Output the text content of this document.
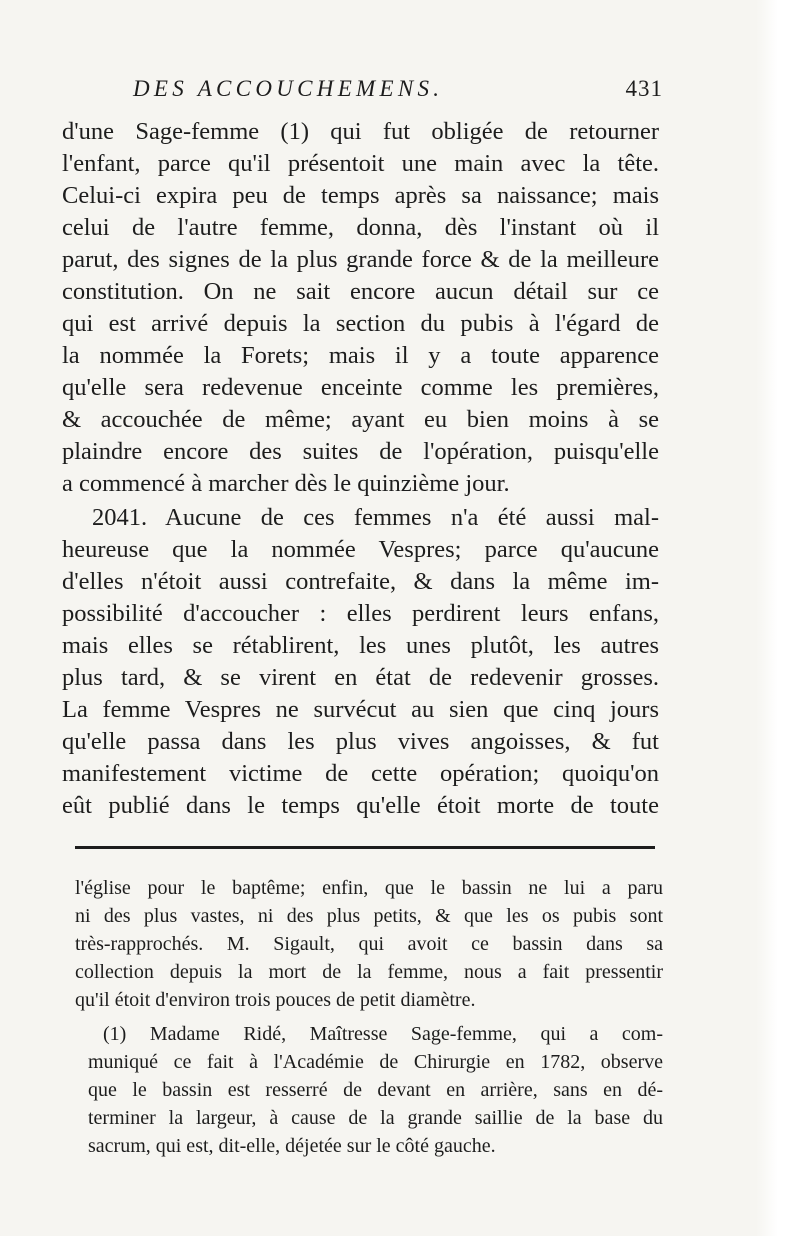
DES ACCOUCHEMENS.	431
d'une Sage-femme (1) qui fut obligée de retourner
l'enfant, parce qu'il présentoit une main avec la tête.
Celui-ci expira peu de temps après sa naissance; mais
celui de l'autre femme, donna, dès l'instant où il
parut, des signes de la plus grande force & de la meilleure
constitution. On ne sait encore aucun détail sur ce
qui est arrivé depuis la section du pubis à l'égard de
la nommée la Forets; mais il y a toute apparence
qu'elle sera redevenue enceinte comme les premières,
& accouchée de même; ayant eu bien moins à se
plaindre encore des suites de l'opération, puisqu'elle
a commencé à marcher dès le quinzième jour.
2041. Aucune de ces femmes n'a été aussi mal-
heureuse que la nommée Vespres; parce qu'aucune
d'elles n'étoit aussi contrefaite, & dans la même im-
possibilité d'accoucher : elles perdirent leurs enfans,
mais elles se rétablirent, les unes plutôt, les autres
plus tard, & se virent en état de redevenir grosses.
La femme Vespres ne survécut au sien que cinq jours
qu'elle passa dans les plus vives angoisses, & fut
manifestement victime de cette opération; quoiqu'on
eût publié dans le temps qu'elle étoit morte de toute
l'église pour le baptême; enfin, que le bassin ne lui a paru
ni des plus vastes, ni des plus petits, & que les os pubis sont
très-rapprochés. M. Sigault, qui avoit ce bassin dans sa
collection depuis la mort de la femme, nous a fait pressentir
qu'il étoit d'environ trois pouces de petit diamètre.
(1) Madame Ridé, Maîtresse Sage-femme, qui a com-
muniqué ce fait à l'Académie de Chirurgie en 1782, observe
que le bassin est resserré de devant en arrière, sans en dé-
terminer la largeur, à cause de la grande saillie de la base du
sacrum, qui est, dit-elle, déjetée sur le côté gauche.
